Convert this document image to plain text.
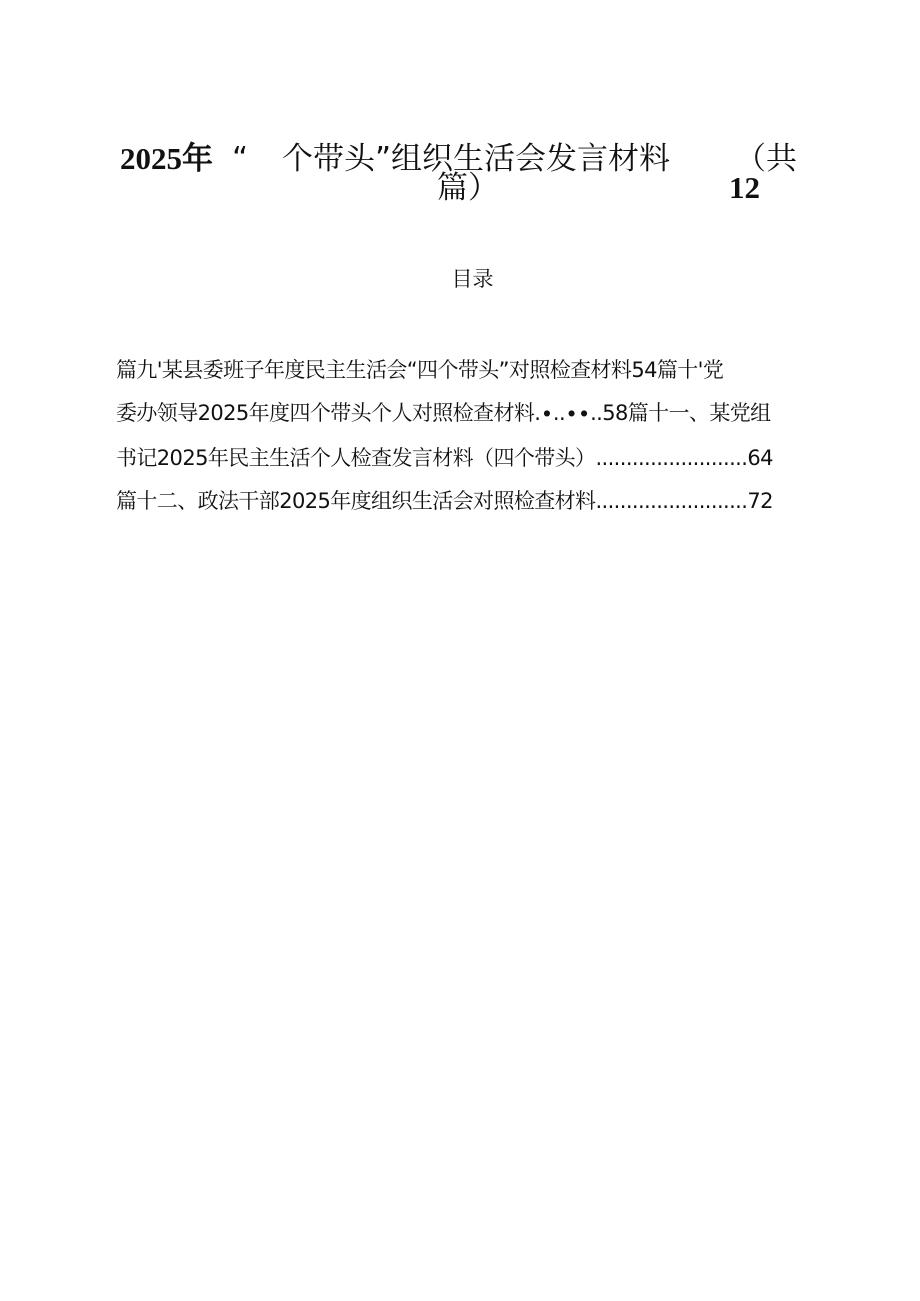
2025年 “ 个带头”组织生活会发言材料 （共
篇）	12
目录
篇九'某县委班子年度民主生活会“四个带头”对照检查材料54篇十'党
委办领导2025年度四个带头个人对照检查材料.∙..∙∙..58篇十一、某党组
书记2025年民主生活个人检查发言材料（四个带头）.........................64
篇十二、政法干部2025年度组织生活会对照检查材料.........................72
